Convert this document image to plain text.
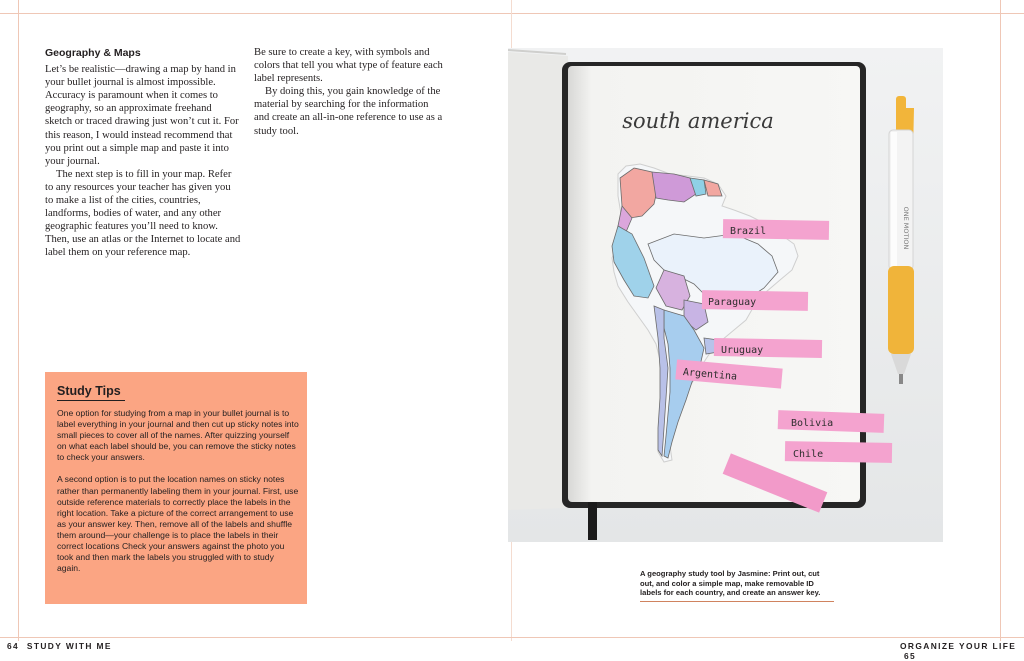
Geography & Maps

Let’s be realistic—drawing a map by hand in your bullet journal is almost impossible. Accuracy is paramount when it comes to geography, so an approximate freehand sketch or traced drawing just won’t cut it. For this reason, I would instead recommend that you print out a simple map and paste it into your journal.

The next step is to fill in your map. Refer to any resources your teacher has given you to make a list of the cities, countries, landforms, bodies of water, and any other geographic features you’ll need to know. Then, use an atlas or the Internet to locate and label them on your reference map.

Be sure to create a key, with symbols and colors that tell you what type of feature each label represents.

By doing this, you gain knowledge of the material by searching for the information and create an all-in-one reference to use as a study tool.

Study Tips

One option for studying from a map in your bullet journal is to label everything in your journal and then cut up sticky notes into small pieces to cover all of the names. After quizzing yourself on what each label should be, you can remove the sticky notes to check your answers.

A second option is to put the location names on sticky notes rather than permanently labeling them in your journal. First, use outside reference materials to correctly place the labels in the right location. Take a picture of the correct arrangement to use as your answer key. Then, remove all of the labels and shuffle them around—your challenge is to place the labels in their correct locations Check your answers against the photo you took and then mark the labels you struggled with to study again.

south america
Brazil
Paraguay
Uruguay
Argentina
Bolivia
Chile
ONE MOTION
A geography study tool by Jasmine: Print out, cut out, and color a simple map, make removable ID labels for each country, and create an answer key.
64 STUDY WITH ME	ORGANIZE YOUR LIFE 65
